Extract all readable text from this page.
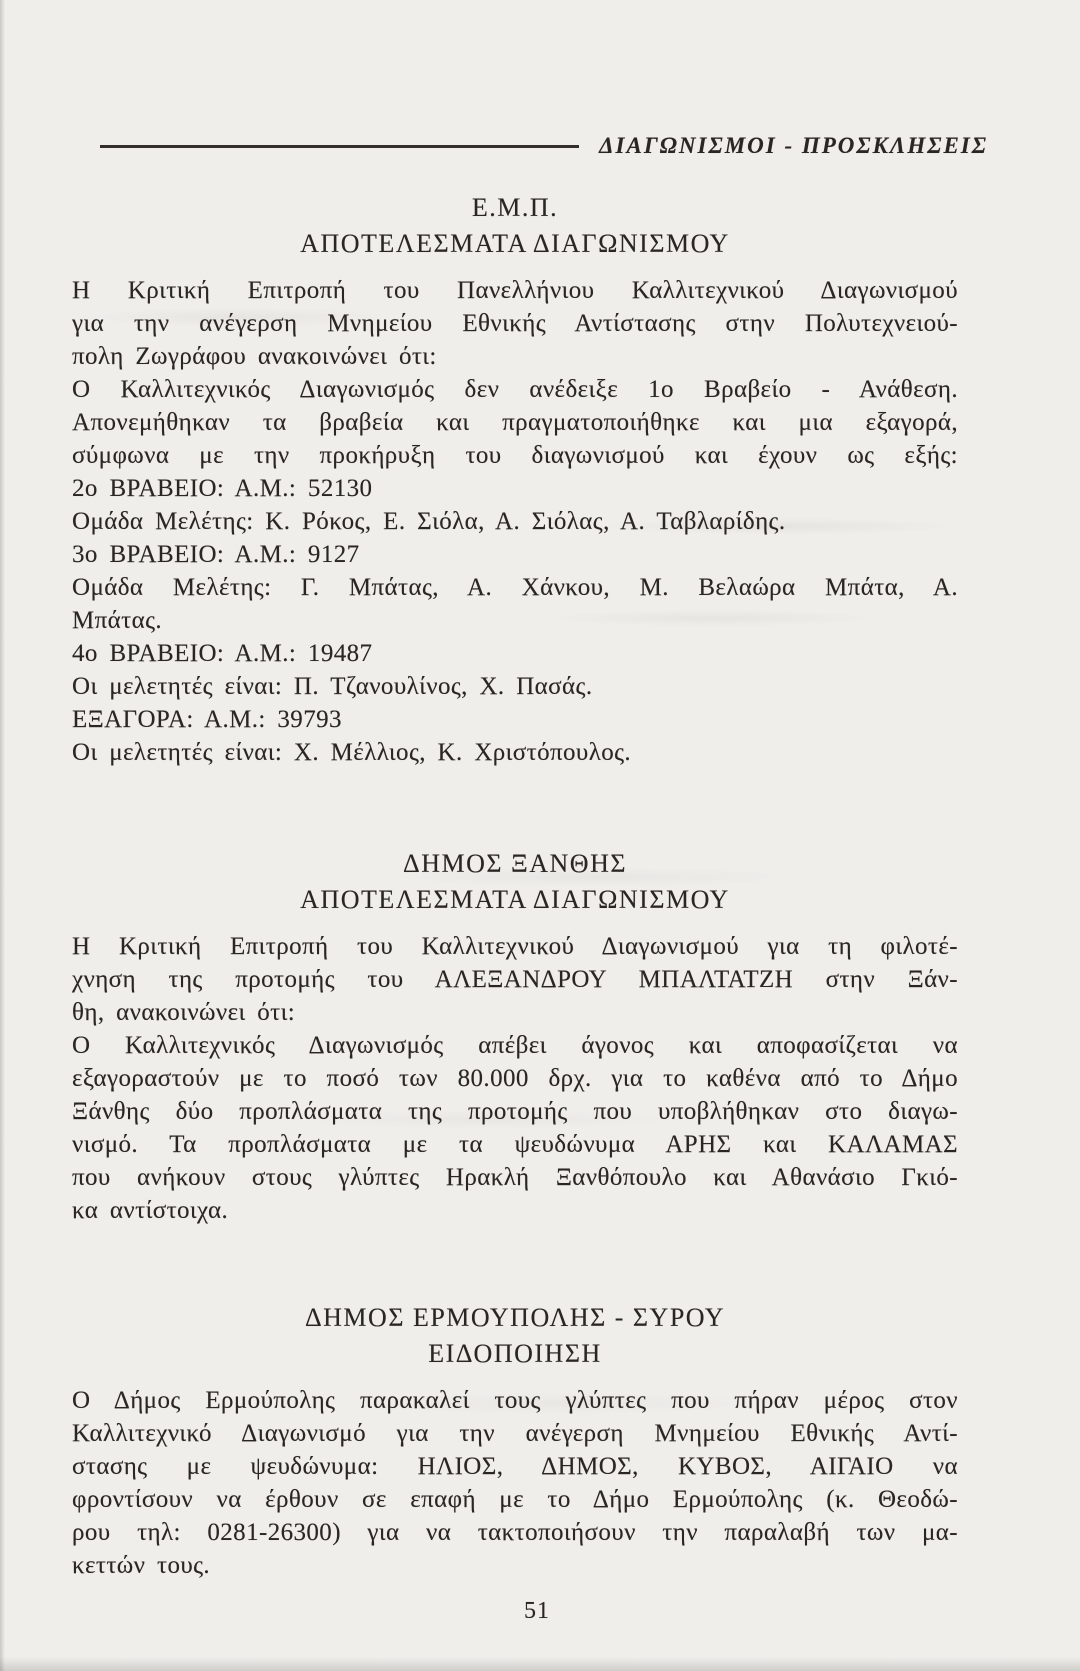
ΔΙΑΓΩΝΙΣΜΟΙ - ΠΡΟΣΚΛΗΣΕΙΣ
Ε.Μ.Π.
ΑΠΟΤΕΛΕΣΜΑΤΑ ΔΙΑΓΩΝΙΣΜΟΥ
Η Κριτική Επιτροπή του Πανελλήνιου Καλλιτεχνικού Διαγωνισμού
για την ανέγερση Μνημείου Εθνικής Αντίστασης στην Πολυτεχνειού-
πολη Ζωγράφου ανακοινώνει ότι:
Ο Καλλιτεχνικός Διαγωνισμός δεν ανέδειξε 1ο Βραβείο - Ανάθεση.
Απονεμήθηκαν τα βραβεία και πραγματοποιήθηκε και μια εξαγορά,
σύμφωνα με την προκήρυξη του διαγωνισμού και έχουν ως εξής:
2ο ΒΡΑΒΕΙΟ: Α.Μ.: 52130
Ομάδα Μελέτης: Κ. Ρόκος, Ε. Σιόλα, Α. Σιόλας, Α. Ταβλαρίδης.
3ο ΒΡΑΒΕΙΟ: Α.Μ.: 9127
Ομάδα Μελέτης: Γ. Μπάτας, Α. Χάνκου, Μ. Βελαώρα Μπάτα, Α.
Μπάτας.
4ο ΒΡΑΒΕΙΟ: Α.Μ.: 19487
Οι μελετητές είναι: Π. Τζανουλίνος, Χ. Πασάς.
ΕΞΑΓΟΡΑ: Α.Μ.: 39793
Οι μελετητές είναι: Χ. Μέλλιος, Κ. Χριστόπουλος.
ΔΗΜΟΣ ΞΑΝΘΗΣ
ΑΠΟΤΕΛΕΣΜΑΤΑ ΔΙΑΓΩΝΙΣΜΟΥ
Η Κριτική Επιτροπή του Καλλιτεχνικού Διαγωνισμού για τη φιλοτέ-
χνηση της προτομής του ΑΛΕΞΑΝΔΡΟΥ ΜΠΑΛΤΑΤΖΗ στην Ξάν-
θη, ανακοινώνει ότι:
Ο Καλλιτεχνικός Διαγωνισμός απέβει άγονος και αποφασίζεται να
εξαγοραστούν με το ποσό των 80.000 δρχ. για το καθένα από το Δήμο
Ξάνθης δύο προπλάσματα της προτομής που υποβλήθηκαν στο διαγω-
νισμό. Τα προπλάσματα με τα ψευδώνυμα ΑΡΗΣ και ΚΑΛΑΜΑΣ
που ανήκουν στους γλύπτες Ηρακλή Ξανθόπουλο και Αθανάσιο Γκιό-
κα αντίστοιχα.
ΔΗΜΟΣ ΕΡΜΟΥΠΟΛΗΣ - ΣΥΡΟΥ
ΕΙΔΟΠΟΙΗΣΗ
Ο Δήμος Ερμούπολης παρακαλεί τους γλύπτες που πήραν μέρος στον
Καλλιτεχνικό Διαγωνισμό για την ανέγερση Μνημείου Εθνικής Αντί-
στασης με ψευδώνυμα: ΗΛΙΟΣ, ΔΗΜΟΣ, ΚΥΒΟΣ, ΑΙΓΑΙΟ να
φροντίσουν να έρθουν σε επαφή με το Δήμο Ερμούπολης (κ. Θεοδώ-
ρου τηλ: 0281-26300) για να τακτοποιήσουν την παραλαβή των μα-
κεττών τους.
51
